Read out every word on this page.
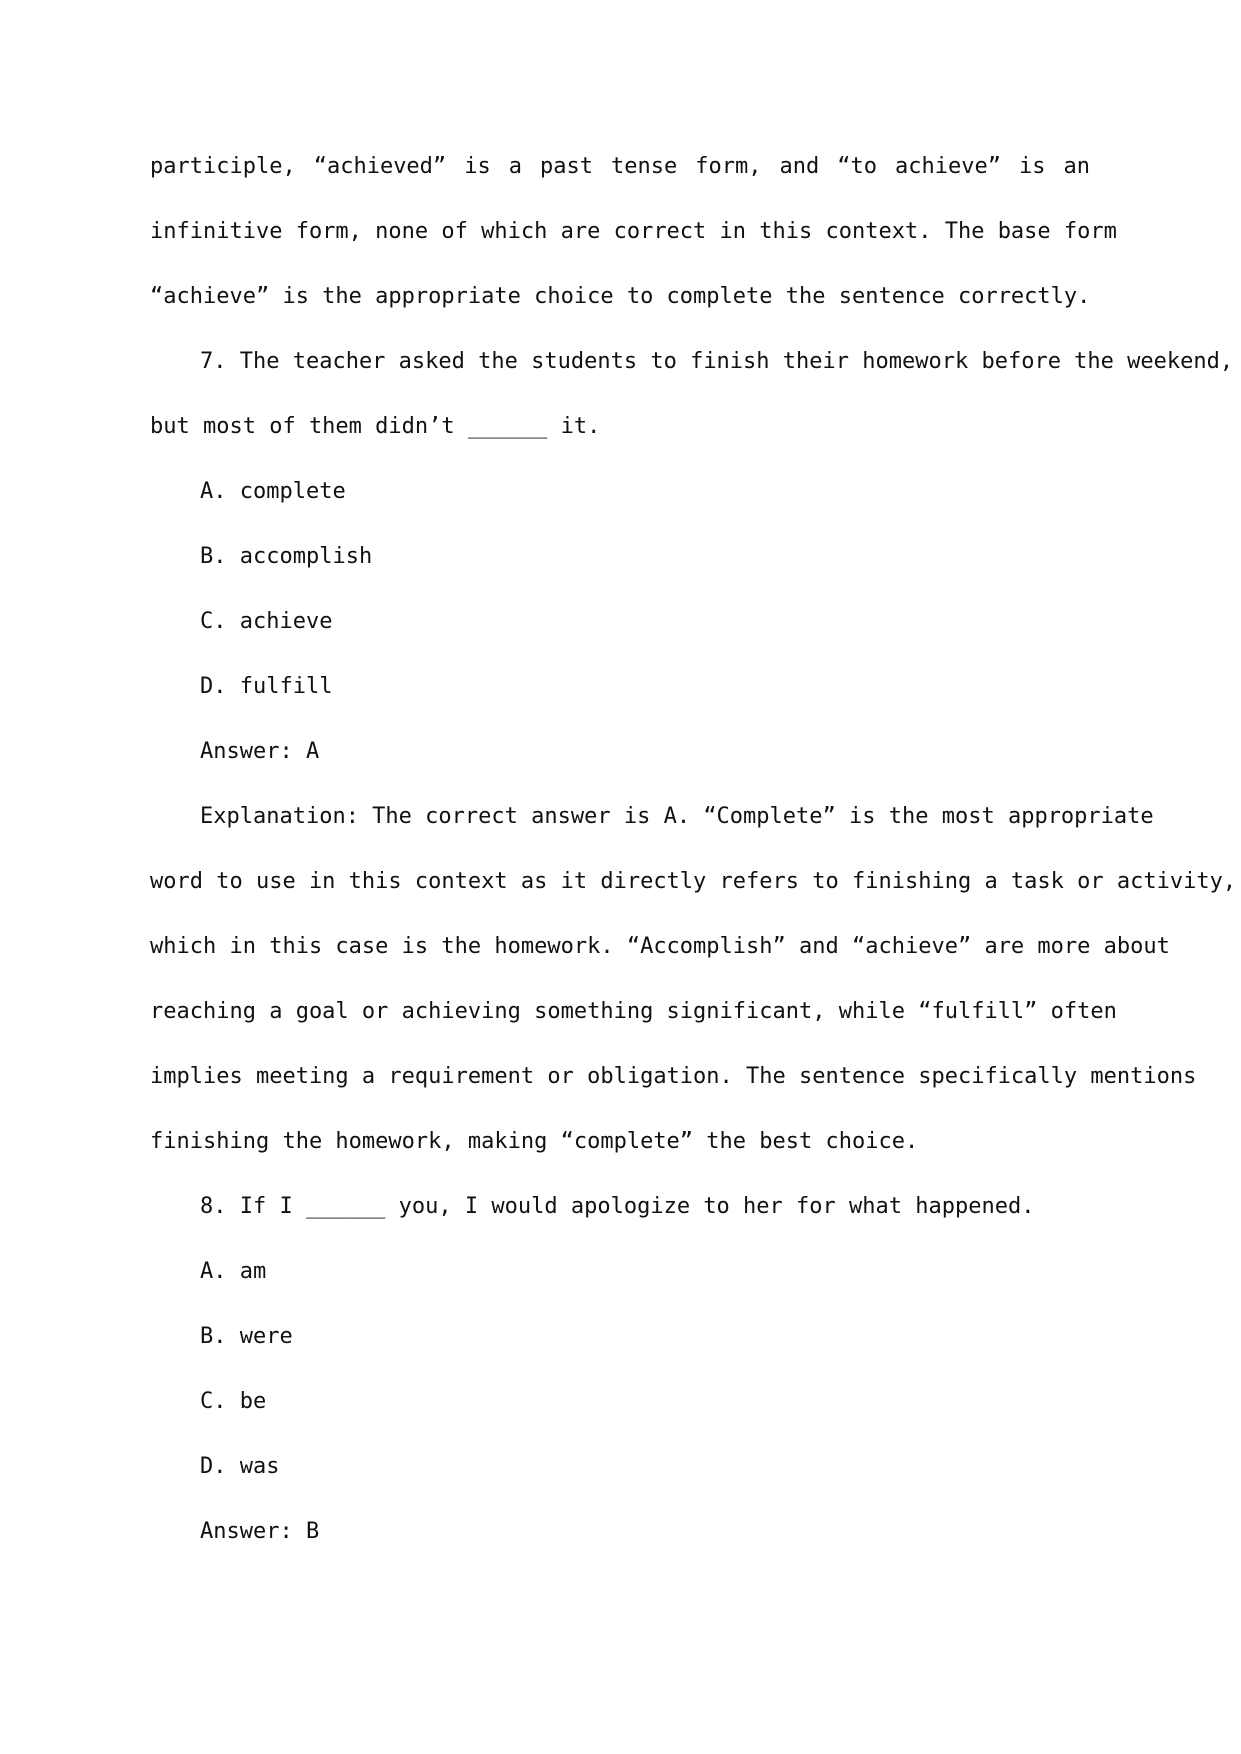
participle, “achieved” is a past tense form, and “to achieve” is an
infinitive form, none of which are correct in this context. The base form
“achieve” is the appropriate choice to complete the sentence correctly.
7. The teacher asked the students to finish their homework before the weekend,
but most of them didn’t ______ it.
A. complete
B. accomplish
C. achieve
D. fulfill
Answer: A
Explanation: The correct answer is A. “Complete” is the most appropriate
word to use in this context as it directly refers to finishing a task or activity,
which in this case is the homework. “Accomplish” and “achieve” are more about
reaching a goal or achieving something significant, while “fulfill” often
implies meeting a requirement or obligation. The sentence specifically mentions
finishing the homework, making “complete” the best choice.
8. If I ______ you, I would apologize to her for what happened.
A. am
B. were
C. be
D. was
Answer: B
